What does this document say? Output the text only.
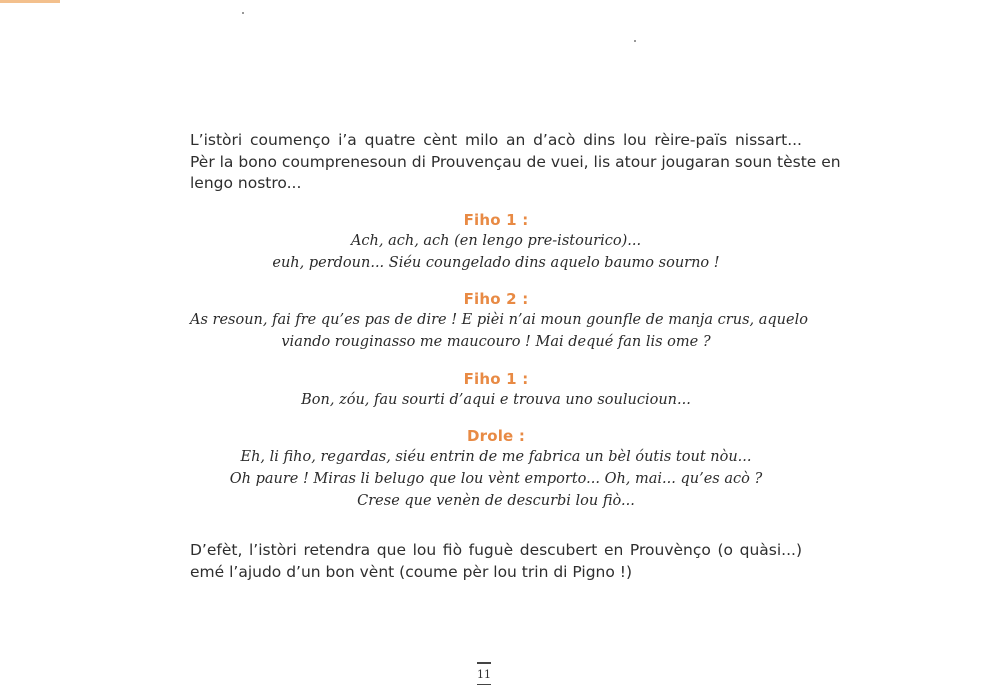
L’istòri coumenço i’a quatre cènt milo an d’acò dins lou rèire-païs nissart...
Pèr la bono coumprenesoun di Prouvençau de vuei, lis atour jougaran soun tèste en
lengo nostro...
Fiho 1 :
Ach, ach, ach (en lengo pre-istourico)...
euh, perdoun... Siéu coungelado dins aquelo baumo sourno !
Fiho 2 :
As resoun, fai fre qu’es pas de dire ! E pièi n’ai moun gounfle de manja crus, aquelo
viando rouginasso me maucouro ! Mai dequé fan lis ome ?
Fiho 1 :
Bon, zóu, fau sourti d’aqui e trouva uno soulucioun...
Drole :
Eh, li fiho, regardas, siéu entrin de me fabrica un bèl óutis tout nòu...
Oh paure ! Miras li belugo que lou vènt emporto... Oh, mai... qu’es acò ?
Crese que venèn de descurbi lou fiò...
D’efèt, l’istòri retendra que lou fiò fuguè descubert en Prouvènço (o quàsi...)
emé l’ajudo d’un bon vènt (coume pèr lou trin di Pigno !)
11
